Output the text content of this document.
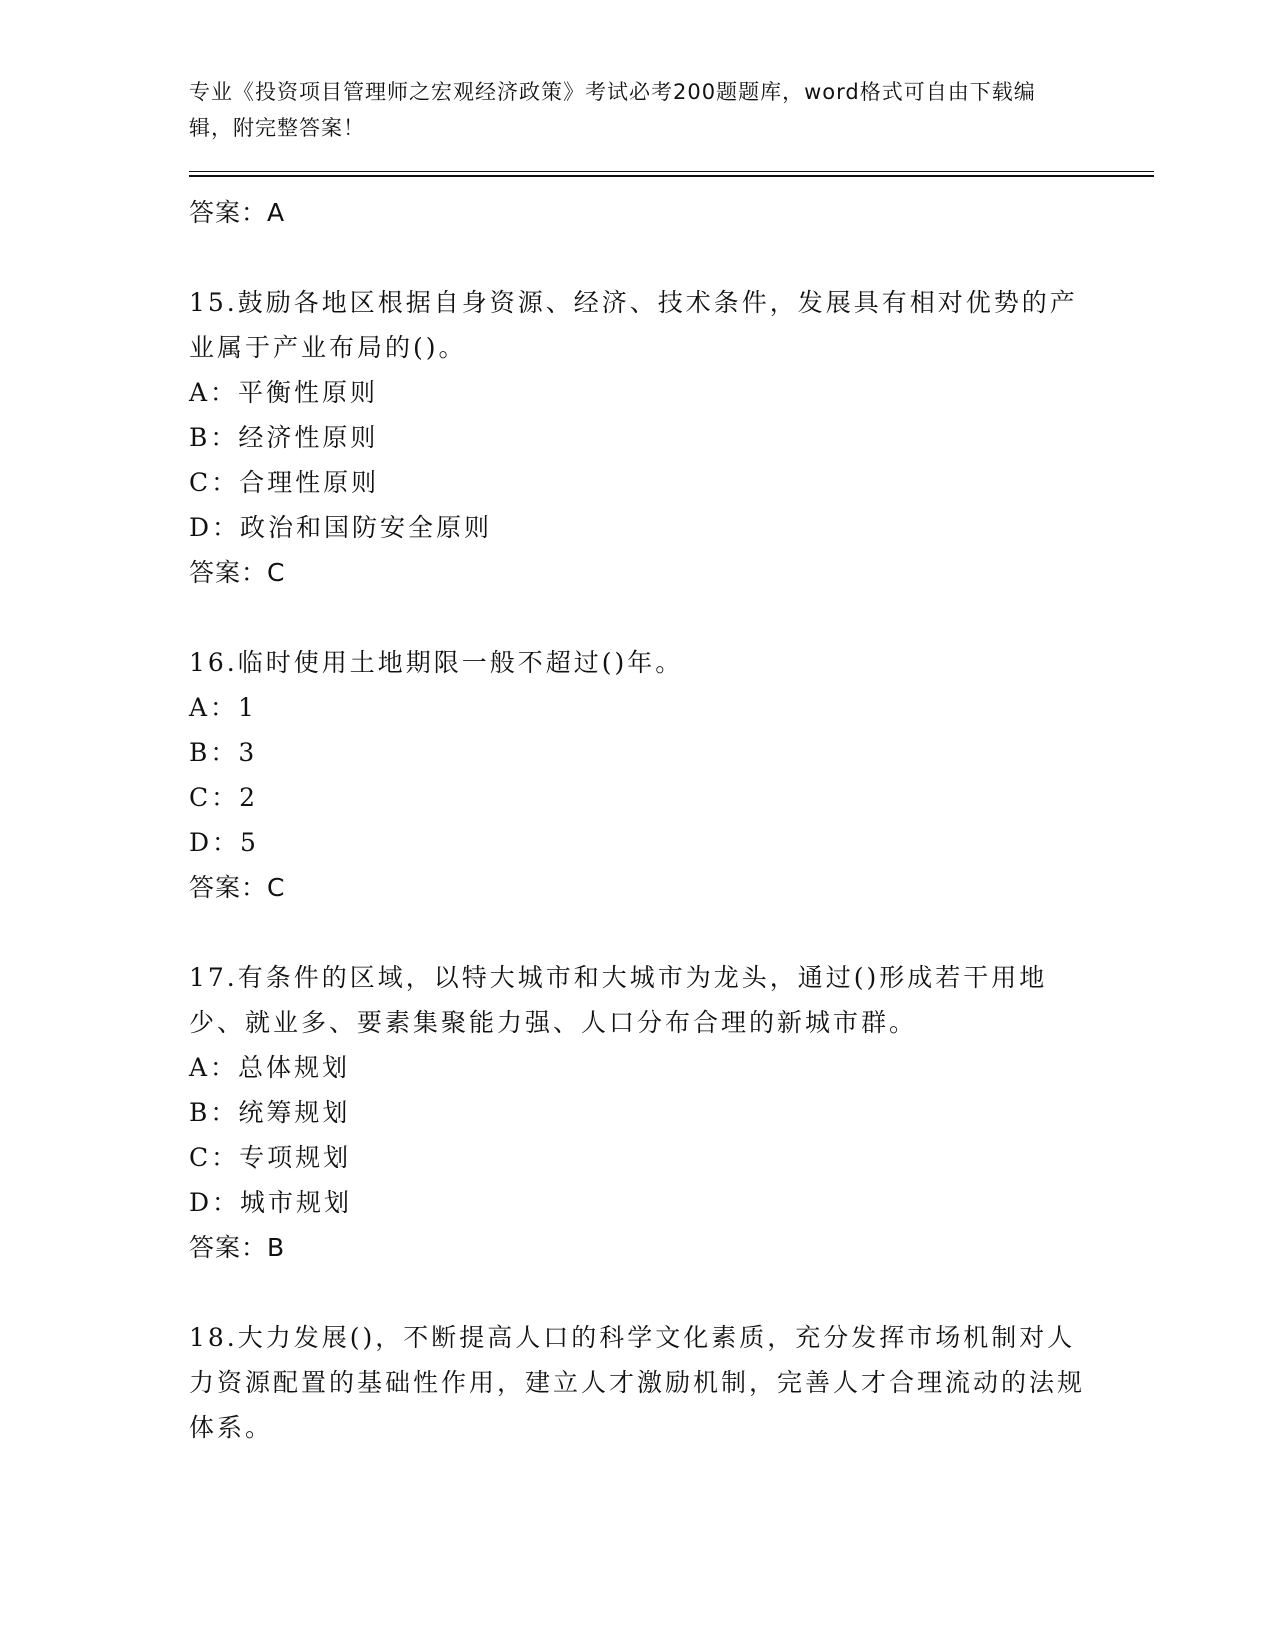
专业《投资项目管理师之宏观经济政策》考试必考200题题库，word格式可自由下载编辑，附完整答案！
答案：A
15.鼓励各地区根据自身资源、经济、技术条件，发展具有相对优势的产业属于产业布局的()。
A：平衡性原则
B：经济性原则
C：合理性原则
D：政治和国防安全原则
答案：C
16.临时使用土地期限一般不超过()年。
A：1
B：3
C：2
D：5
答案：C
17.有条件的区域，以特大城市和大城市为龙头，通过()形成若干用地少、就业多、要素集聚能力强、人口分布合理的新城市群。
A：总体规划
B：统筹规划
C：专项规划
D：城市规划
答案：B
18.大力发展()，不断提高人口的科学文化素质，充分发挥市场机制对人力资源配置的基础性作用，建立人才激励机制，完善人才合理流动的法规体系。
